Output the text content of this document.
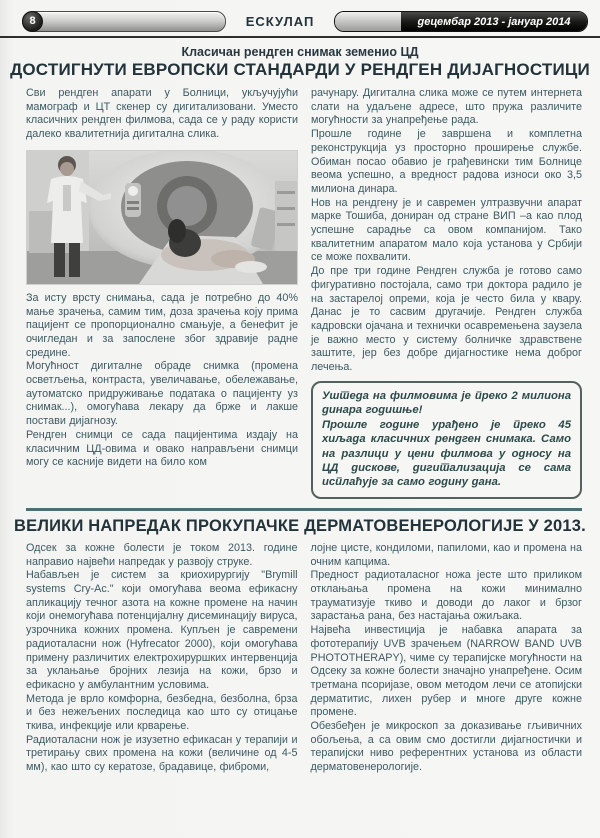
8	ЕСКУЛАП	децембар 2013 - јануар 2014
Класичан рендген снимак земенио ЦД
ДОСТИГНУТИ ЕВРОПСКИ СТАНДАРДИ У РЕНДГЕН ДИЈАГНОСТИЦИ

Сви рендген апарати у Болници, укључујући мамограф и ЦТ скенер су дигитализовани. Уместо класичних рендген филмова, сада се у раду користи далеко квалитетнија дигитална слика.

За исту врсту снимања, сада је потребно до 40% мање зрачења, самим тим, доза зрачења коју прима пацијент се пропорционално смањује, а бенефит је очигледан и за запослене због здравије радне средине.

Могућност дигиталне обраде снимка (промена осветљења, контраста, увеличавање, обележавање, аутоматско придруживање података о пацијенту уз снимак...), омогућава лекару да брже и лакше постави дијагнозу.

Рендген снимци се сада пацијентима издају на класичним ЦД-овима и овако направљени снимци могу се касније видети на било ком

рачунару. Дигитална слика може се путем интернета слати на удаљене адресе, што пружа различите могућности за унапређење рада.

Прошле године је завршена и комплетна реконструкција уз просторно проширење службе. Обиман посао обавио је грађевински тим Болнице веома успешно, а вредност радова износи око 3,5 милиона динара.

Нов на рендгену је и савремен ултразвучни апарат марке Тошиба, дониран од стране ВИП –а као плод успешне сарадње са овом компанијом. Тако квалитетним апаратом мало која установа у Србији се може похвалити.

До пре три године Рендген служба је готово само фигуративно постојала, само три доктора радило је на застарелој опреми, која је често била у квару. Данас је то сасвим другачије. Рендген служба кадровски ојачана и технички осавремењена заузела је важно место у систему болничке здравствене заштите, јер без добре дијагностике нема доброг лечења.

Уштеда на филмовима је преко 2 милиона динара годишње!

Прошле године урађено је преко 45 хиљада класичних рендген снимака. Само на разлици у цени филмова у односу на ЦД дискове, дигитализација се сама исплаћује за само годину дана.

ВЕЛИКИ НАПРЕДАК ПРОКУПАЧКЕ ДЕРМАТОВЕНЕРОЛОГИЈЕ У 2013.

Одсек за кожне болести је током 2013. године направио највећи напредак у развоју струке.

Набављен је систем за криохирургију "Brymill systems Cry-Ac." који омогућава веома ефикасну апликацију течног азота на кожне промене на начин који онемогућава потенцијалну дисеминацију вируса, узрочника кожних промена. Купљен је савремени радиоталасни нож (Hyfrecator 2000), који омогућава примену различитих електрохируршких интервенција за уклањање бројних лезија на кожи, брзо и ефикасно у амбулантним условима.

Метода је врло комфорна, безбедна, безболна, брза и без нежељених последица као што су отицање ткива, инфекције или крварење.

Радиоталасни нож је изузетно ефикасан у терапији и третирању свих промена на кожи (величине од 4-5 мм), као што су кератозе, брадавице, фиброми,

лојне цисте, кондиломи, папиломи, као и промена на очним капцима.

Предност радиоталасног ножа јесте што приликом отклањања промена на кожи минимално трауматизује ткиво и доводи до лаког и брзог зарастања рана, без настајања ожиљака.

Највећа инвестиција је набавка апарата за фототерапију UVB зрачењем (NARROW BAND UVB PHOTOTHERAPY), чиме су терапијске могућности на Одсеку за кожне болести значајно унапређене. Осим третмана псоријазе, овом методом лечи се атопијски дерматитис, лихен рубер и многе друге кожне промене.

Обезбеђен је микроскоп за доказивање гљивичних обољења, а са овим смо достигли дијагностички и терапијски ниво референтних установа из области дерматовенерологије.
